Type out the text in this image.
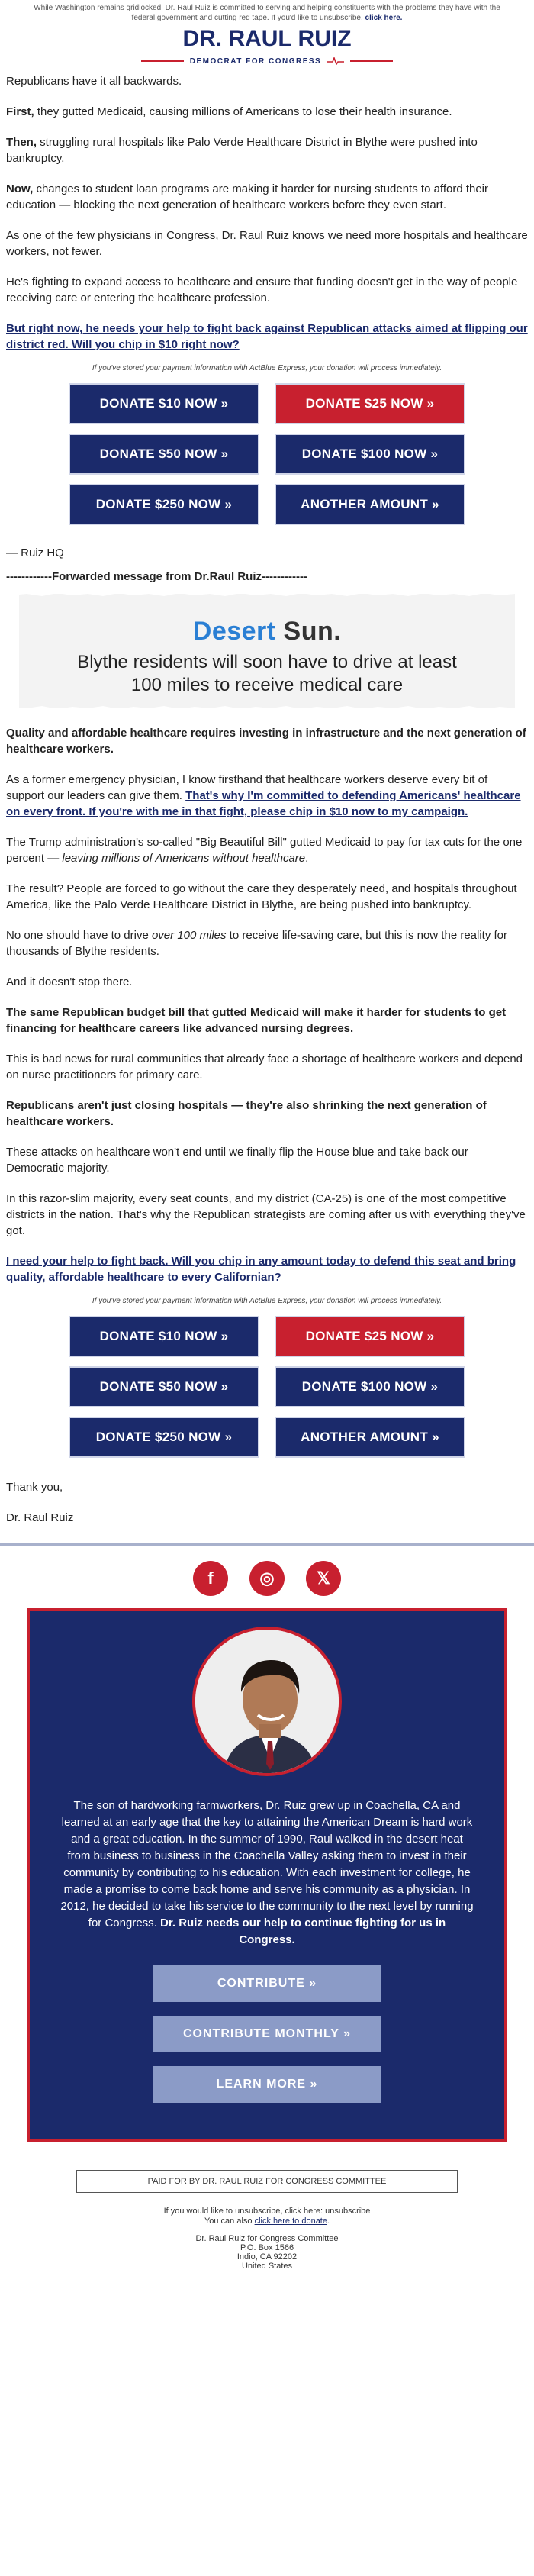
While Washington remains gridlocked, Dr. Raul Ruiz is committed to serving and helping constituents with the problems they have with the federal government and cutting red tape. If you'd like to unsubscribe, click here.
DR. RAUL RUIZ
DEMOCRAT FOR CONGRESS

Republicans have it all backwards.

First, they gutted Medicaid, causing millions of Americans to lose their health insurance.

Then, struggling rural hospitals like Palo Verde Healthcare District in Blythe were pushed into bankruptcy.

Now, changes to student loan programs are making it harder for nursing students to afford their education — blocking the next generation of healthcare workers before they even start.

As one of the few physicians in Congress, Dr. Raul Ruiz knows we need more hospitals and healthcare workers, not fewer.

He's fighting to expand access to healthcare and ensure that funding doesn't get in the way of people receiving care or entering the healthcare profession.

But right now, he needs your help to fight back against Republican attacks aimed at flipping our district red. Will you chip in $10 right now?

If you've stored your payment information with ActBlue Express, your donation will process immediately.
DONATE $10 NOW »	DONATE $25 NOW »
DONATE $50 NOW »	DONATE $100 NOW »
DONATE $250 NOW »	ANOTHER AMOUNT »
— Ruiz HQ
------------Forwarded message from Dr.Raul Ruiz------------
Desert Sun.
Blythe residents will soon have to drive at least
100 miles to receive medical care

Quality and affordable healthcare requires investing in infrastructure and the next generation of healthcare workers.

As a former emergency physician, I know firsthand that healthcare workers deserve every bit of support our leaders can give them. That's why I'm committed to defending Americans' healthcare on every front. If you're with me in that fight, please chip in $10 now to my campaign.

The Trump administration's so-called "Big Beautiful Bill" gutted Medicaid to pay for tax cuts for the one percent — leaving millions of Americans without healthcare.

The result? People are forced to go without the care they desperately need, and hospitals throughout America, like the Palo Verde Healthcare District in Blythe, are being pushed into bankruptcy.

No one should have to drive over 100 miles to receive life-saving care, but this is now the reality for thousands of Blythe residents.

And it doesn't stop there.

The same Republican budget bill that gutted Medicaid will make it harder for students to get financing for healthcare careers like advanced nursing degrees.

This is bad news for rural communities that already face a shortage of healthcare workers and depend on nurse practitioners for primary care.

Republicans aren't just closing hospitals — they're also shrinking the next generation of healthcare workers.

These attacks on healthcare won't end until we finally flip the House blue and take back our Democratic majority.

In this razor-slim majority, every seat counts, and my district (CA-25) is one of the most competitive districts in the nation. That's why the Republican strategists are coming after us with everything they've got.

I need your help to fight back. Will you chip in any amount today to defend this seat and bring quality, affordable healthcare to every Californian?

If you've stored your payment information with ActBlue Express, your donation will process immediately.
DONATE $10 NOW »	DONATE $25 NOW »
DONATE $50 NOW »	DONATE $100 NOW »
DONATE $250 NOW »	ANOTHER AMOUNT »

Thank you,

Dr. Raul Ruiz

f	◎	𝕏

The son of hardworking farmworkers, Dr. Ruiz grew up in Coachella, CA and learned at an early age that the key to attaining the American Dream is hard work and a great education. In the summer of 1990, Raul walked in the desert heat from business to business in the Coachella Valley asking them to invest in their community by contributing to his education. With each investment for college, he made a promise to come back home and serve his community as a physician. In 2012, he decided to take his service to the community to the next level by running for Congress. Dr. Ruiz needs our help to continue fighting for us in Congress.

CONTRIBUTE »
CONTRIBUTE MONTHLY »
LEARN MORE »
PAID FOR BY DR. RAUL RUIZ FOR CONGRESS COMMITTEE
If you would like to unsubscribe, click here: unsubscribe
You can also click here to donate.
Dr. Raul Ruiz for Congress Committee
P.O. Box 1566
Indio, CA 92202
United States
